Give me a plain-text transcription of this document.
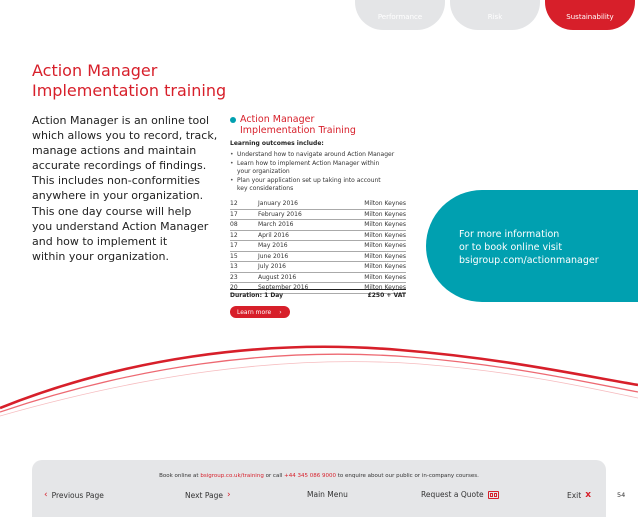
Performance	Risk	Sustainability
Action Manager
Implementation training

Action Manager is an online tool
which allows you to record, track,
manage actions and maintain
accurate recordings of findings.
This includes non-conformities
anywhere in your organization.

This one day course will help
you understand Action Manager
and how to implement it
within your organization.

Action Manager
Implementation Training
Learning outcomes include:
• Understand how to navigate around Action Manager
• Learn how to implement Action Manager within
your organization
• Plan your application set up taking into account
key considerations
12	January 2016	Milton Keynes
17	February 2016	Milton Keynes
08	March 2016	Milton Keynes
12	April 2016	Milton Keynes
17	May 2016	Milton Keynes
15	June 2016	Milton Keynes
13	July 2016	Milton Keynes
23	August 2016	Milton Keynes
20	September 2016	Milton Keynes
Duration: 1 Day	£250 + VAT
Learn more ›
For more information
or to book online visit
bsigroup.com/actionmanager
Book online at bsigroup.co.uk/training or call +44 345 086 9000 to enquire about our public or in-company courses.
‹ Previous Page	Next Page ›	Main Menu	Request a Quote	Exit x	54
